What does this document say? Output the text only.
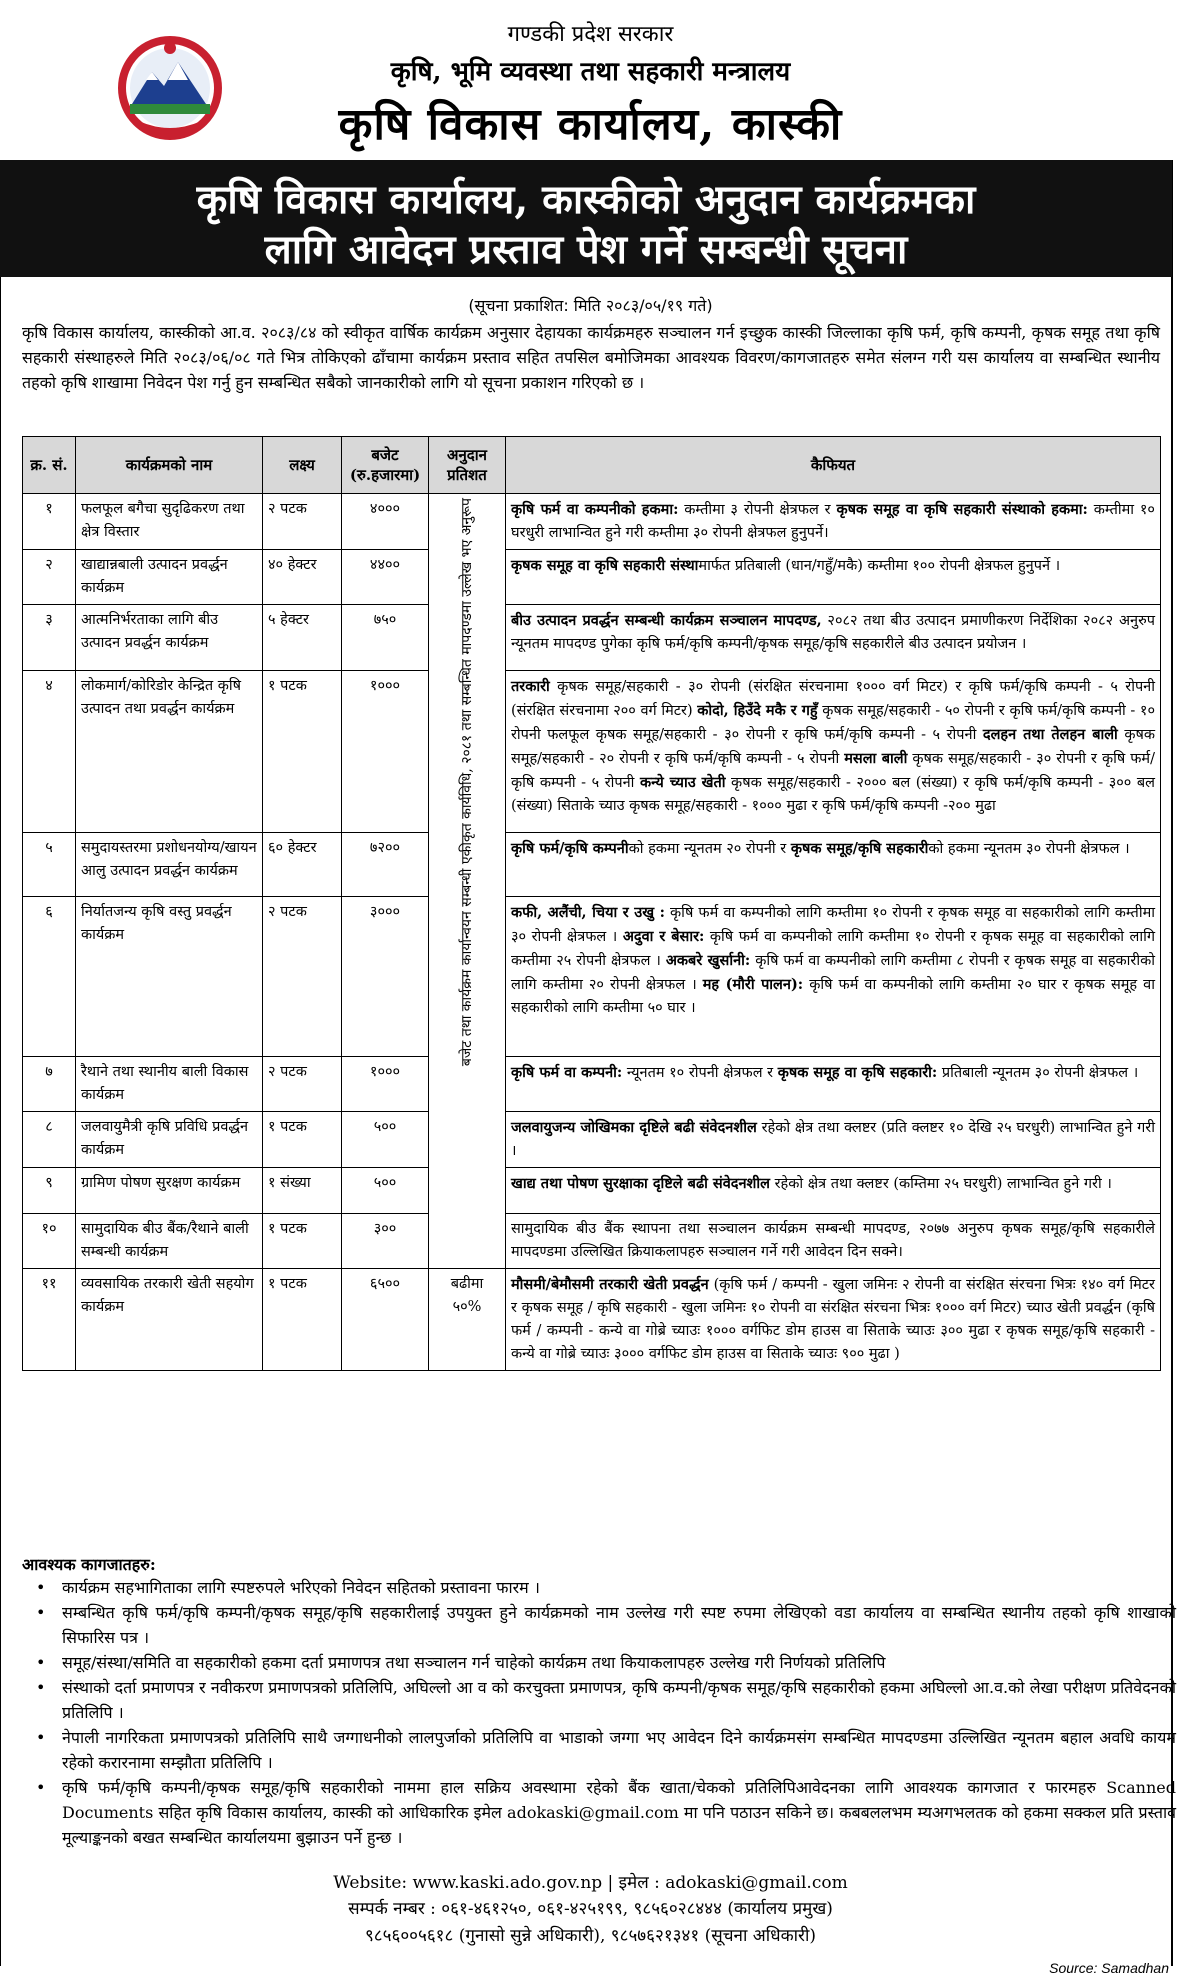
गण्डकी प्रदेश सरकार
कृषि, भूमि व्यवस्था तथा सहकारी मन्त्रालय
कृषि विकास कार्यालय, कास्की
कृषि विकास कार्यालय, कास्कीको अनुदान कार्यक्रमका
लागि आवेदन प्रस्ताव पेश गर्ने सम्बन्धी सूचना
(सूचना प्रकाशित: मिति २०८३/०५/१९ गते)
कृषि विकास कार्यालय, कास्कीको आ.व. २०८३/८४ को स्वीकृत वार्षिक कार्यक्रम अनुसार देहायका कार्यक्रमहरु सञ्चालन गर्न इच्छुक कास्की जिल्लाका कृषि फर्म, कृषि कम्पनी, कृषक समूह तथा कृषि सहकारी संस्थाहरुले मिति २०८३/०६/०८ गते भित्र तोकिएको ढाँचामा कार्यक्रम प्रस्ताव सहित तपसिल बमोजिमका आवश्यक विवरण/कागजातहरु समेत संलग्न गरी यस कार्यालय वा सम्बन्धित स्थानीय तहको कृषि शाखामा निवेदन पेश गर्नु हुन सम्बन्धित सबैको जानकारीको लागि यो सूचना प्रकाशन गरिएको छ ।
क्र. सं.	कार्यक्रमको नाम	लक्ष्य	बजेट (रु.हजारमा)	अनुदान प्रतिशत	कैफियत
१	फलफूल बगैचा सुदृढिकरण तथा क्षेत्र विस्तार	२ पटक	४०००	बजेट तथा कार्यक्रम कार्यान्वयन सम्बन्धी एकीकृत कार्यविधि, २०८१ तथा सम्बन्धित मापदण्डमा उल्लेख भए अनुरूप	कृषि फर्म वा कम्पनीको हकमा: कम्तीमा ३ रोपनी क्षेत्रफल र कृषक समूह वा कृषि सहकारी संस्थाको हकमा: कम्तीमा १० घरधुरी लाभान्वित हुने गरी कम्तीमा ३० रोपनी क्षेत्रफल हुनुपर्ने।
२	खाद्यान्नबाली उत्पादन प्रवर्द्धन कार्यक्रम	४० हेक्टर	४४००		कृषक समूह वा कृषि सहकारी संस्थामार्फत प्रतिबाली (धान/गहुँ/मकै) कम्तीमा १०० रोपनी क्षेत्रफल हुनुपर्ने ।
३	आत्मनिर्भरताका लागि बीउ उत्पादन प्रवर्द्धन कार्यक्रम	५ हेक्टर	७५०		बीउ उत्पादन प्रवर्द्धन सम्बन्धी कार्यक्रम सञ्चालन मापदण्ड, २०८२ तथा बीउ उत्पादन प्रमाणीकरण निर्देशिका २०८२ अनुरुप न्यूनतम मापदण्ड पुगेका कृषि फर्म/कृषि कम्पनी/कृषक समूह/कृषि सहकारीले बीउ उत्पादन प्रयोजन ।
४	लोकमार्ग/कोरिडोर केन्द्रित कृषि उत्पादन तथा प्रवर्द्धन कार्यक्रम	१ पटक	१०००		तरकारी कृषक समूह/सहकारी - ३० रोपनी (संरक्षित संरचनामा १००० वर्ग मिटर) र कृषि फर्म/कृषि कम्पनी - ५ रोपनी (संरक्षित संरचनामा २०० वर्ग मिटर) कोदो, हिउँदे मकै र गहुँ कृषक समूह/सहकारी - ५० रोपनी र कृषि फर्म/कृषि कम्पनी - १० रोपनी फलफूल कृषक समूह/सहकारी - ३० रोपनी र कृषि फर्म/कृषि कम्पनी - ५ रोपनी दलहन तथा तेलहन बाली कृषक समूह/सहकारी - २० रोपनी र कृषि फर्म/कृषि कम्पनी - ५ रोपनी मसला बाली कृषक समूह/सहकारी - ३० रोपनी र कृषि फर्म/कृषि कम्पनी - ५ रोपनी कन्ये च्याउ खेती कृषक समूह/सहकारी - २००० बल (संख्या) र कृषि फर्म/कृषि कम्पनी - ३०० बल (संख्या) सिताके च्याउ कृषक समूह/सहकारी - १००० मुढा र कृषि फर्म/कृषि कम्पनी -२०० मुढा
५	समुदायस्तरमा प्रशोधनयोग्य/खायन आलु उत्पादन प्रवर्द्धन कार्यक्रम	६० हेक्टर	७२००		कृषि फर्म/कृषि कम्पनीको हकमा न्यूनतम २० रोपनी र कृषक समूह/कृषि सहकारीको हकमा न्यूनतम ३० रोपनी क्षेत्रफल ।
६	निर्यातजन्य कृषि वस्तु प्रवर्द्धन कार्यक्रम	२ पटक	३०००		कफी, अलैंची, चिया र उखु : कृषि फर्म वा कम्पनीको लागि कम्तीमा १० रोपनी र कृषक समूह वा सहकारीको लागि कम्तीमा ३० रोपनी क्षेत्रफल । अदुवा र बेसार: कृषि फर्म वा कम्पनीको लागि कम्तीमा १० रोपनी र कृषक समूह वा सहकारीको लागि कम्तीमा २५ रोपनी क्षेत्रफल । अकबरे खुर्सानी: कृषि फर्म वा कम्पनीको लागि कम्तीमा ८ रोपनी र कृषक समूह वा सहकारीको लागि कम्तीमा २० रोपनी क्षेत्रफल । मह (मौरी पालन): कृषि फर्म वा कम्पनीको लागि कम्तीमा २० घार र कृषक समूह वा सहकारीको लागि कम्तीमा ५० घार ।
७	रैथाने तथा स्थानीय बाली विकास कार्यक्रम	२ पटक	१०००		कृषि फर्म वा कम्पनी: न्यूनतम १० रोपनी क्षेत्रफल र कृषक समूह वा कृषि सहकारी: प्रतिबाली न्यूनतम ३० रोपनी क्षेत्रफल ।
८	जलवायुमैत्री कृषि प्रविधि प्रवर्द्धन कार्यक्रम	१ पटक	५००		जलवायुजन्य जोखिमका दृष्टिले बढी संवेदनशील रहेको क्षेत्र तथा क्लष्टर (प्रति क्लष्टर १० देखि २५ घरधुरी) लाभान्वित हुने गरी ।
९	ग्रामिण पोषण सुरक्षण कार्यक्रम	१ संख्या	५००		खाद्य तथा पोषण सुरक्षाका दृष्टिले बढी संवेदनशील रहेको क्षेत्र तथा क्लष्टर (कम्तिमा २५ घरधुरी) लाभान्वित हुने गरी ।
१०	सामुदायिक बीउ बैंक/रैथाने बाली सम्बन्धी कार्यक्रम	१ पटक	३००		सामुदायिक बीउ बैंक स्थापना तथा सञ्चालन कार्यक्रम सम्बन्धी मापदण्ड, २०७७ अनुरुप कृषक समूह/कृषि सहकारीले मापदण्डमा उल्लिखित क्रियाकलापहरु सञ्चालन गर्ने गरी आवेदन दिन सक्ने।
११	व्यवसायिक तरकारी खेती सहयोग कार्यक्रम	१ पटक	६५००	बढीमा ५०%	मौसमी/बेमौसमी तरकारी खेती प्रवर्द्धन (कृषि फर्म / कम्पनी - खुला जमिनः २ रोपनी वा संरक्षित संरचना भित्रः १४० वर्ग मिटर र कृषक समूह / कृषि सहकारी - खुला जमिनः १० रोपनी वा संरक्षित संरचना भित्रः १००० वर्ग मिटर) च्याउ खेती प्रवर्द्धन (कृषि फर्म / कम्पनी - कन्ये वा गोब्रे च्याउः १००० वर्गफिट डोम हाउस वा सिताके च्याउः ३०० मुढा र कृषक समूह/कृषि सहकारी - कन्ये वा गोब्रे च्याउः ३००० वर्गफिट डोम हाउस वा सिताके च्याउः ९०० मुढा )
आवश्यक कागजातहरु:
• कार्यक्रम सहभागिताका लागि स्पष्टरुपले भरिएको निवेदन सहितको प्रस्तावना फारम ।
• सम्बन्धित कृषि फर्म/कृषि कम्पनी/कृषक समूह/कृषि सहकारीलाई उपयुक्त हुने कार्यक्रमको नाम उल्लेख गरी स्पष्ट रुपमा लेखिएको वडा कार्यालय वा सम्बन्धित स्थानीय तहको कृषि शाखाको सिफारिस पत्र ।
• समूह/संस्था/समिति वा सहकारीको हकमा दर्ता प्रमाणपत्र तथा सञ्चालन गर्न चाहेको कार्यक्रम तथा कियाकलापहरु उल्लेख गरी निर्णयको प्रतिलिपि
• संस्थाको दर्ता प्रमाणपत्र र नवीकरण प्रमाणपत्रको प्रतिलिपि, अघिल्लो आ व को करचुक्ता प्रमाणपत्र, कृषि कम्पनी/कृषक समूह/कृषि सहकारीको हकमा अघिल्लो आ.व.को लेखा परीक्षण प्रतिवेदनको प्रतिलिपि ।
• नेपाली नागरिकता प्रमाणपत्रको प्रतिलिपि साथै जग्गाधनीको लालपुर्जाको प्रतिलिपि वा भाडाको जग्गा भए आवेदन दिने कार्यक्रमसंग सम्बन्धित मापदण्डमा उल्लिखित न्यूनतम बहाल अवधि कायम रहेको करारनामा सम्झौता प्रतिलिपि ।
• कृषि फर्म/कृषि कम्पनी/कृषक समूह/कृषि सहकारीको नाममा हाल सक्रिय अवस्थामा रहेको बैंक खाता/चेकको प्रतिलिपिआवेदनका लागि आवश्यक कागजात र फारमहरु Scanned Documents सहित कृषि विकास कार्यालय, कास्की को आधिकारिक इमेल adokaski@gmail.com मा पनि पठाउन सकिने छ। कबबललभम म्यअगभलतक को हकमा सक्कल प्रति प्रस्ताव मूल्याङ्कनको बखत सम्बन्धित कार्यालयमा बुझाउन पर्ने हुन्छ ।
Website: www.kaski.ado.gov.np | इमेल : adokaski@gmail.com
सम्पर्क नम्बर : ०६१-४६१२५०, ०६१-४२५१९९, ९८५६०२८४४४ (कार्यालय प्रमुख)
९८५६००५६१८ (गुनासो सुन्ने अधिकारी), ९८५७६२१३४१ (सूचना अधिकारी)
Source: Samadhan
